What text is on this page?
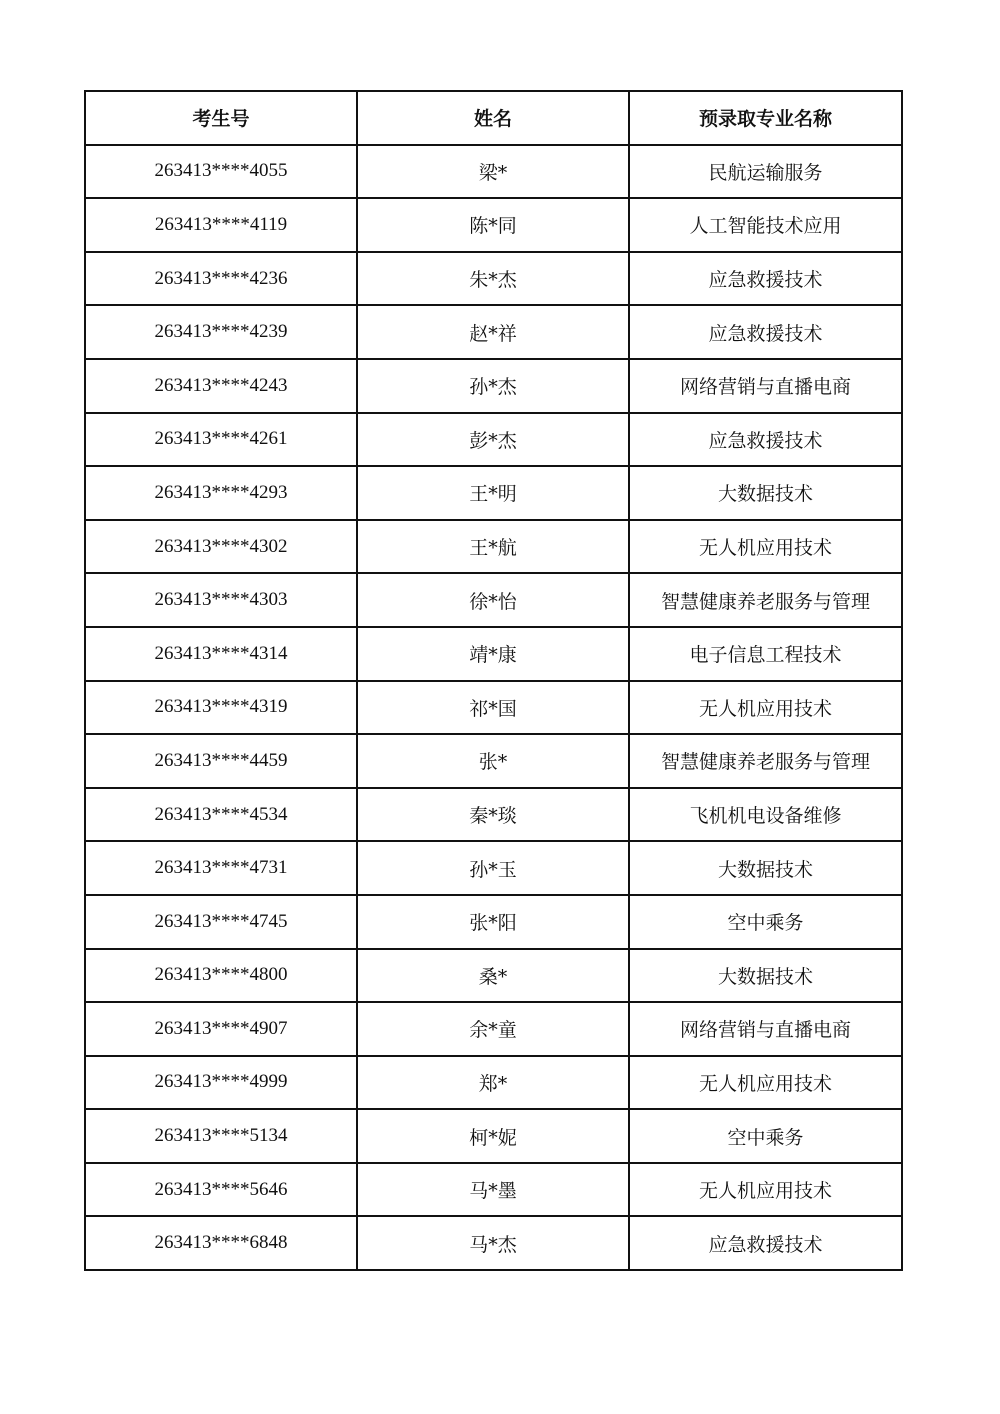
考生号	姓名	预录取专业名称
263413****4055	梁*	民航运输服务
263413****4119	陈*同	人工智能技术应用
263413****4236	朱*杰	应急救援技术
263413****4239	赵*祥	应急救援技术
263413****4243	孙*杰	网络营销与直播电商
263413****4261	彭*杰	应急救援技术
263413****4293	王*明	大数据技术
263413****4302	王*航	无人机应用技术
263413****4303	徐*怡	智慧健康养老服务与管理
263413****4314	靖*康	电子信息工程技术
263413****4319	祁*国	无人机应用技术
263413****4459	张*	智慧健康养老服务与管理
263413****4534	秦*琰	飞机机电设备维修
263413****4731	孙*玉	大数据技术
263413****4745	张*阳	空中乘务
263413****4800	桑*	大数据技术
263413****4907	余*童	网络营销与直播电商
263413****4999	郑*	无人机应用技术
263413****5134	柯*妮	空中乘务
263413****5646	马*墨	无人机应用技术
263413****6848	马*杰	应急救援技术
